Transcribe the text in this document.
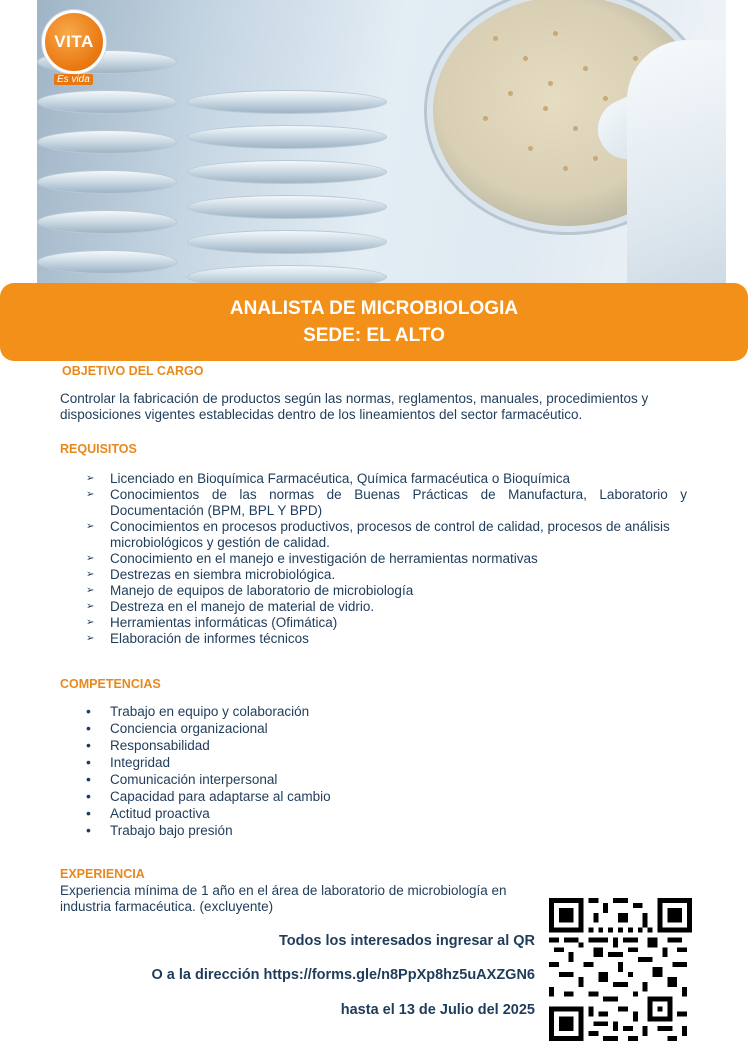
VITA
Es vida
ANALISTA DE MICROBIOLOGIA
SEDE: EL ALTO
OBJETIVO DEL CARGO
Controlar la fabricación de productos según las normas, reglamentos, manuales, procedimientos y disposiciones vigentes establecidas dentro de los lineamientos del sector farmacéutico.
REQUISITOS
➢ Licenciado en Bioquímica Farmacéutica, Química farmacéutica o Bioquímica
➢ Conocimientos de las normas de Buenas Prácticas de Manufactura, Laboratorio y Documentación (BPM, BPL Y BPD)
➢ Conocimientos en procesos productivos, procesos de control de calidad, procesos de análisis microbiológicos y gestión de calidad.
➢ Conocimiento en el manejo e investigación de herramientas normativas
➢ Destrezas en siembra microbiológica.
➢ Manejo de equipos de laboratorio de microbiología
➢ Destreza en el manejo de material de vidrio.
➢ Herramientas informáticas (Ofimática)
➢ Elaboración de informes técnicos
COMPETENCIAS
• Trabajo en equipo y colaboración
• Conciencia organizacional
• Responsabilidad
• Integridad
• Comunicación interpersonal
• Capacidad para adaptarse al cambio
• Actitud proactiva
• Trabajo bajo presión
EXPERIENCIA
Experiencia mínima de 1 año en el área de laboratorio de microbiología en industria farmacéutica. (excluyente)
Todos los interesados ingresar al QR
O a la dirección https://forms.gle/n8PpXp8hz5uAXZGN6
hasta el 13 de Julio del 2025
